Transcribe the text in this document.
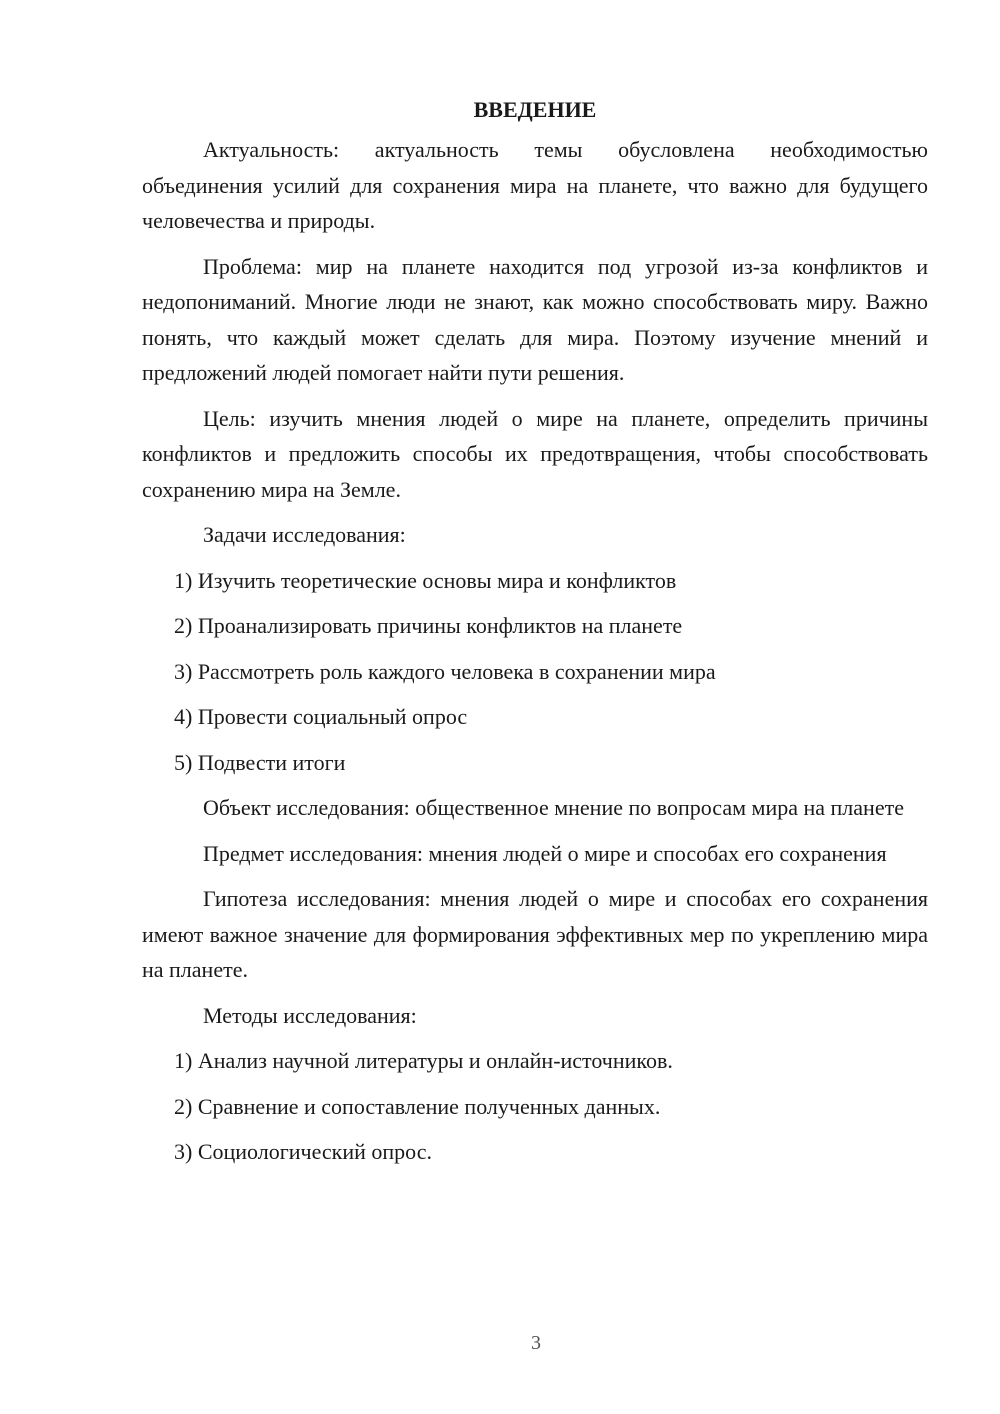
ВВЕДЕНИЕ

Актуальность: актуальность темы обусловлена необходимостью объединения усилий для сохранения мира на планете, что важно для будущего человечества и природы.

Проблема: мир на планете находится под угрозой из-за конфликтов и недопониманий. Многие люди не знают, как можно способствовать миру. Важно понять, что каждый может сделать для мира. Поэтому изучение мнений и предложений людей помогает найти пути решения.

Цель: изучить мнения людей о мире на планете, определить причины конфликтов и предложить способы их предотвращения, чтобы способствовать сохранению мира на Земле.

Задачи исследования:

1) Изучить теоретические основы мира и конфликтов
2) Проанализировать причины конфликтов на планете
3) Рассмотреть роль каждого человека в сохранении мира
4) Провести социальный опрос
5) Подвести итоги

Объект исследования: общественное мнение по вопросам мира на планете

Предмет исследования: мнения людей о мире и способах его сохранения

Гипотеза исследования: мнения людей о мире и способах его сохранения имеют важное значение для формирования эффективных мер по укреплению мира на планете.

Методы исследования:

1) Анализ научной литературы и онлайн-источников.
2) Сравнение и сопоставление полученных данных.
3) Социологический опрос.
3
